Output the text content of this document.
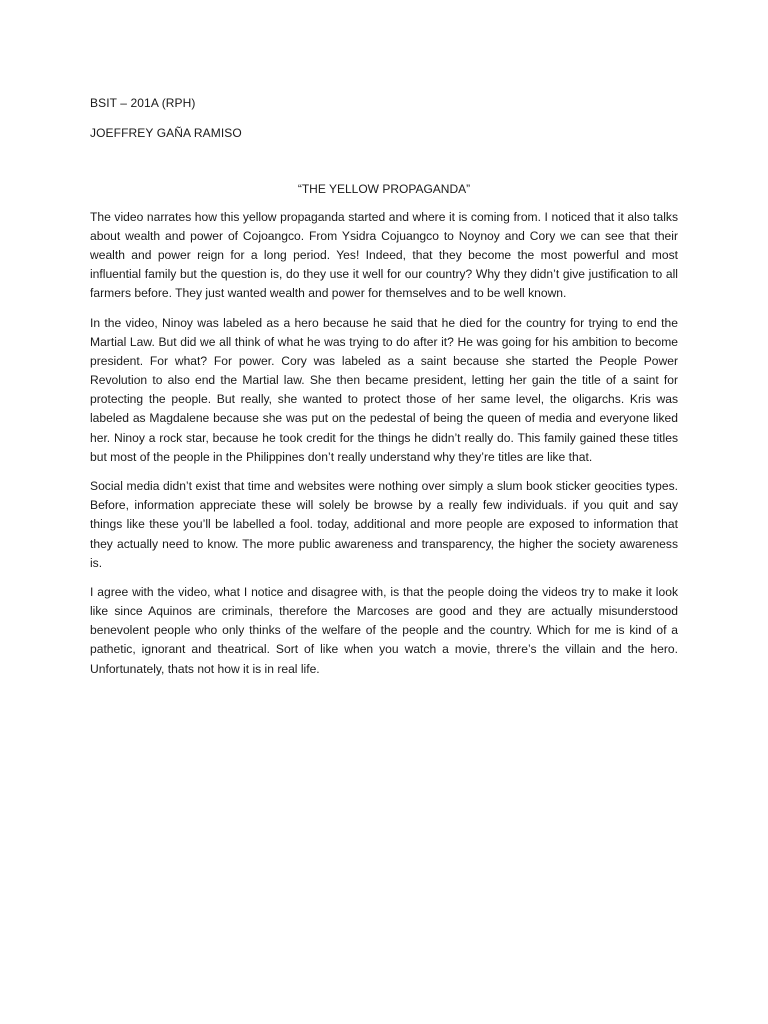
BSIT – 201A (RPH)
JOEFFREY GAÑA RAMISO
“THE YELLOW PROPAGANDA”

The video narrates how this yellow propaganda started and where it is coming from. I noticed that it also talks about wealth and power of Cojoangco. From Ysidra Cojuangco to Noynoy and Cory we can see that their wealth and power reign for a long period. Yes! Indeed, that they become the most powerful and most influential family but the question is, do they use it well for our country? Why they didn’t give justification to all farmers before. They just wanted wealth and power for themselves and to be well known.

In the video, Ninoy was labeled as a hero because he said that he died for the country for trying to end the Martial Law. But did we all think of what he was trying to do after it? He was going for his ambition to become president. For what? For power. Cory was labeled as a saint because she started the People Power Revolution to also end the Martial law. She then became president, letting her gain the title of a saint for protecting the people. But really, she wanted to protect those of her same level, the oligarchs. Kris was labeled as Magdalene because she was put on the pedestal of being the queen of media and everyone liked her. Ninoy a rock star, because he took credit for the things he didn’t really do. This family gained these titles but most of the people in the Philippines don’t really understand why they’re titles are like that.

Social media didn’t exist that time and websites were nothing over simply a slum book sticker geocities types. Before, information appreciate these will solely be browse by a really few individuals. if you quit and say things like these you’ll be labelled a fool. today, additional and more people are exposed to information that they actually need to know. The more public awareness and transparency, the higher the society awareness is.

I agree with the video, what I notice and disagree with, is that the people doing the videos try to make it look like since Aquinos are criminals, therefore the Marcoses are good and they are actually misunderstood benevolent people who only thinks of the welfare of the people and the country. Which for me is kind of a pathetic, ignorant and theatrical. Sort of like when you watch a movie, threre’s the villain and the hero. Unfortunately, thats not how it is in real life.
